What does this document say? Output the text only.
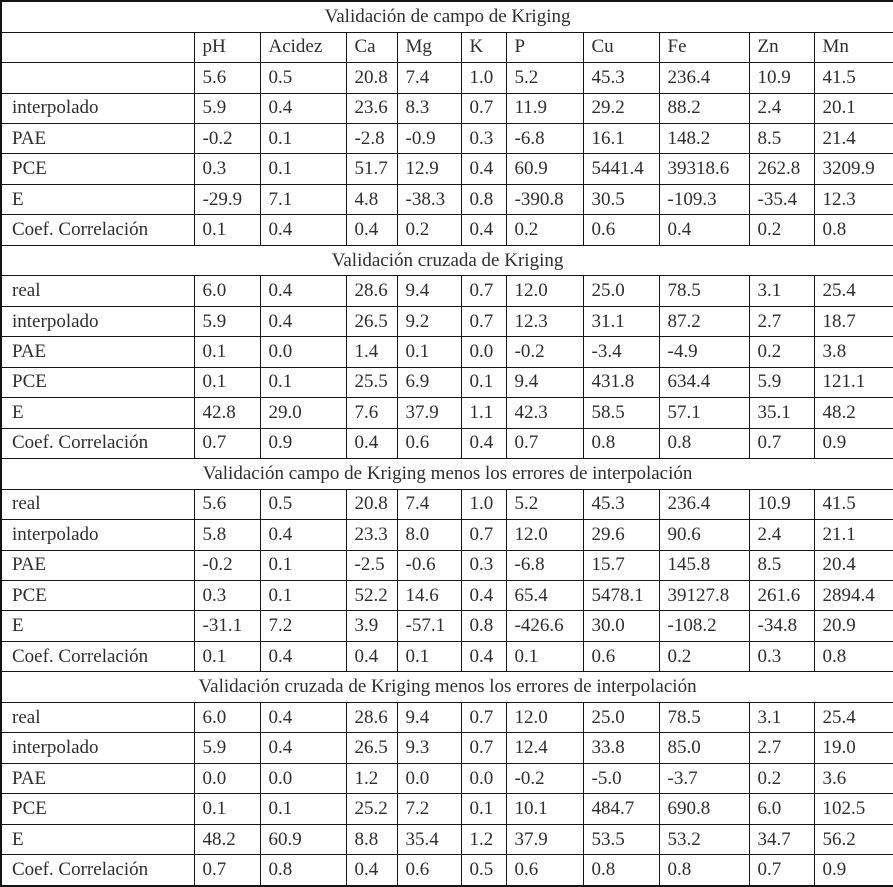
Validación de campo de Kriging										
	pH	Acidez	Ca	Mg	K	P	Cu	Fe	Zn	Mn
	5.6	0.5	20.8	7.4	1.0	5.2	45.3	236.4	10.9	41.5
interpolado	5.9	0.4	23.6	8.3	0.7	11.9	29.2	88.2	2.4	20.1
PAE	-0.2	0.1	-2.8	-0.9	0.3	-6.8	16.1	148.2	8.5	21.4
PCE	0.3	0.1	51.7	12.9	0.4	60.9	5441.4	39318.6	262.8	3209.9
E	-29.9	7.1	4.8	-38.3	0.8	-390.8	30.5	-109.3	-35.4	12.3
Coef. Correlación	0.1	0.4	0.4	0.2	0.4	0.2	0.6	0.4	0.2	0.8
Validación cruzada de Kriging										
real	6.0	0.4	28.6	9.4	0.7	12.0	25.0	78.5	3.1	25.4
interpolado	5.9	0.4	26.5	9.2	0.7	12.3	31.1	87.2	2.7	18.7
PAE	0.1	0.0	1.4	0.1	0.0	-0.2	-3.4	-4.9	0.2	3.8
PCE	0.1	0.1	25.5	6.9	0.1	9.4	431.8	634.4	5.9	121.1
E	42.8	29.0	7.6	37.9	1.1	42.3	58.5	57.1	35.1	48.2
Coef. Correlación	0.7	0.9	0.4	0.6	0.4	0.7	0.8	0.8	0.7	0.9
Validación campo de Kriging menos los errores de interpolación										
real	5.6	0.5	20.8	7.4	1.0	5.2	45.3	236.4	10.9	41.5
interpolado	5.8	0.4	23.3	8.0	0.7	12.0	29.6	90.6	2.4	21.1
PAE	-0.2	0.1	-2.5	-0.6	0.3	-6.8	15.7	145.8	8.5	20.4
PCE	0.3	0.1	52.2	14.6	0.4	65.4	5478.1	39127.8	261.6	2894.4
E	-31.1	7.2	3.9	-57.1	0.8	-426.6	30.0	-108.2	-34.8	20.9
Coef. Correlación	0.1	0.4	0.4	0.1	0.4	0.1	0.6	0.2	0.3	0.8
Validación cruzada de Kriging menos los errores de interpolación										
real	6.0	0.4	28.6	9.4	0.7	12.0	25.0	78.5	3.1	25.4
interpolado	5.9	0.4	26.5	9.3	0.7	12.4	33.8	85.0	2.7	19.0
PAE	0.0	0.0	1.2	0.0	0.0	-0.2	-5.0	-3.7	0.2	3.6
PCE	0.1	0.1	25.2	7.2	0.1	10.1	484.7	690.8	6.0	102.5
E	48.2	60.9	8.8	35.4	1.2	37.9	53.5	53.2	34.7	56.2
Coef. Correlación	0.7	0.8	0.4	0.6	0.5	0.6	0.8	0.8	0.7	0.9
